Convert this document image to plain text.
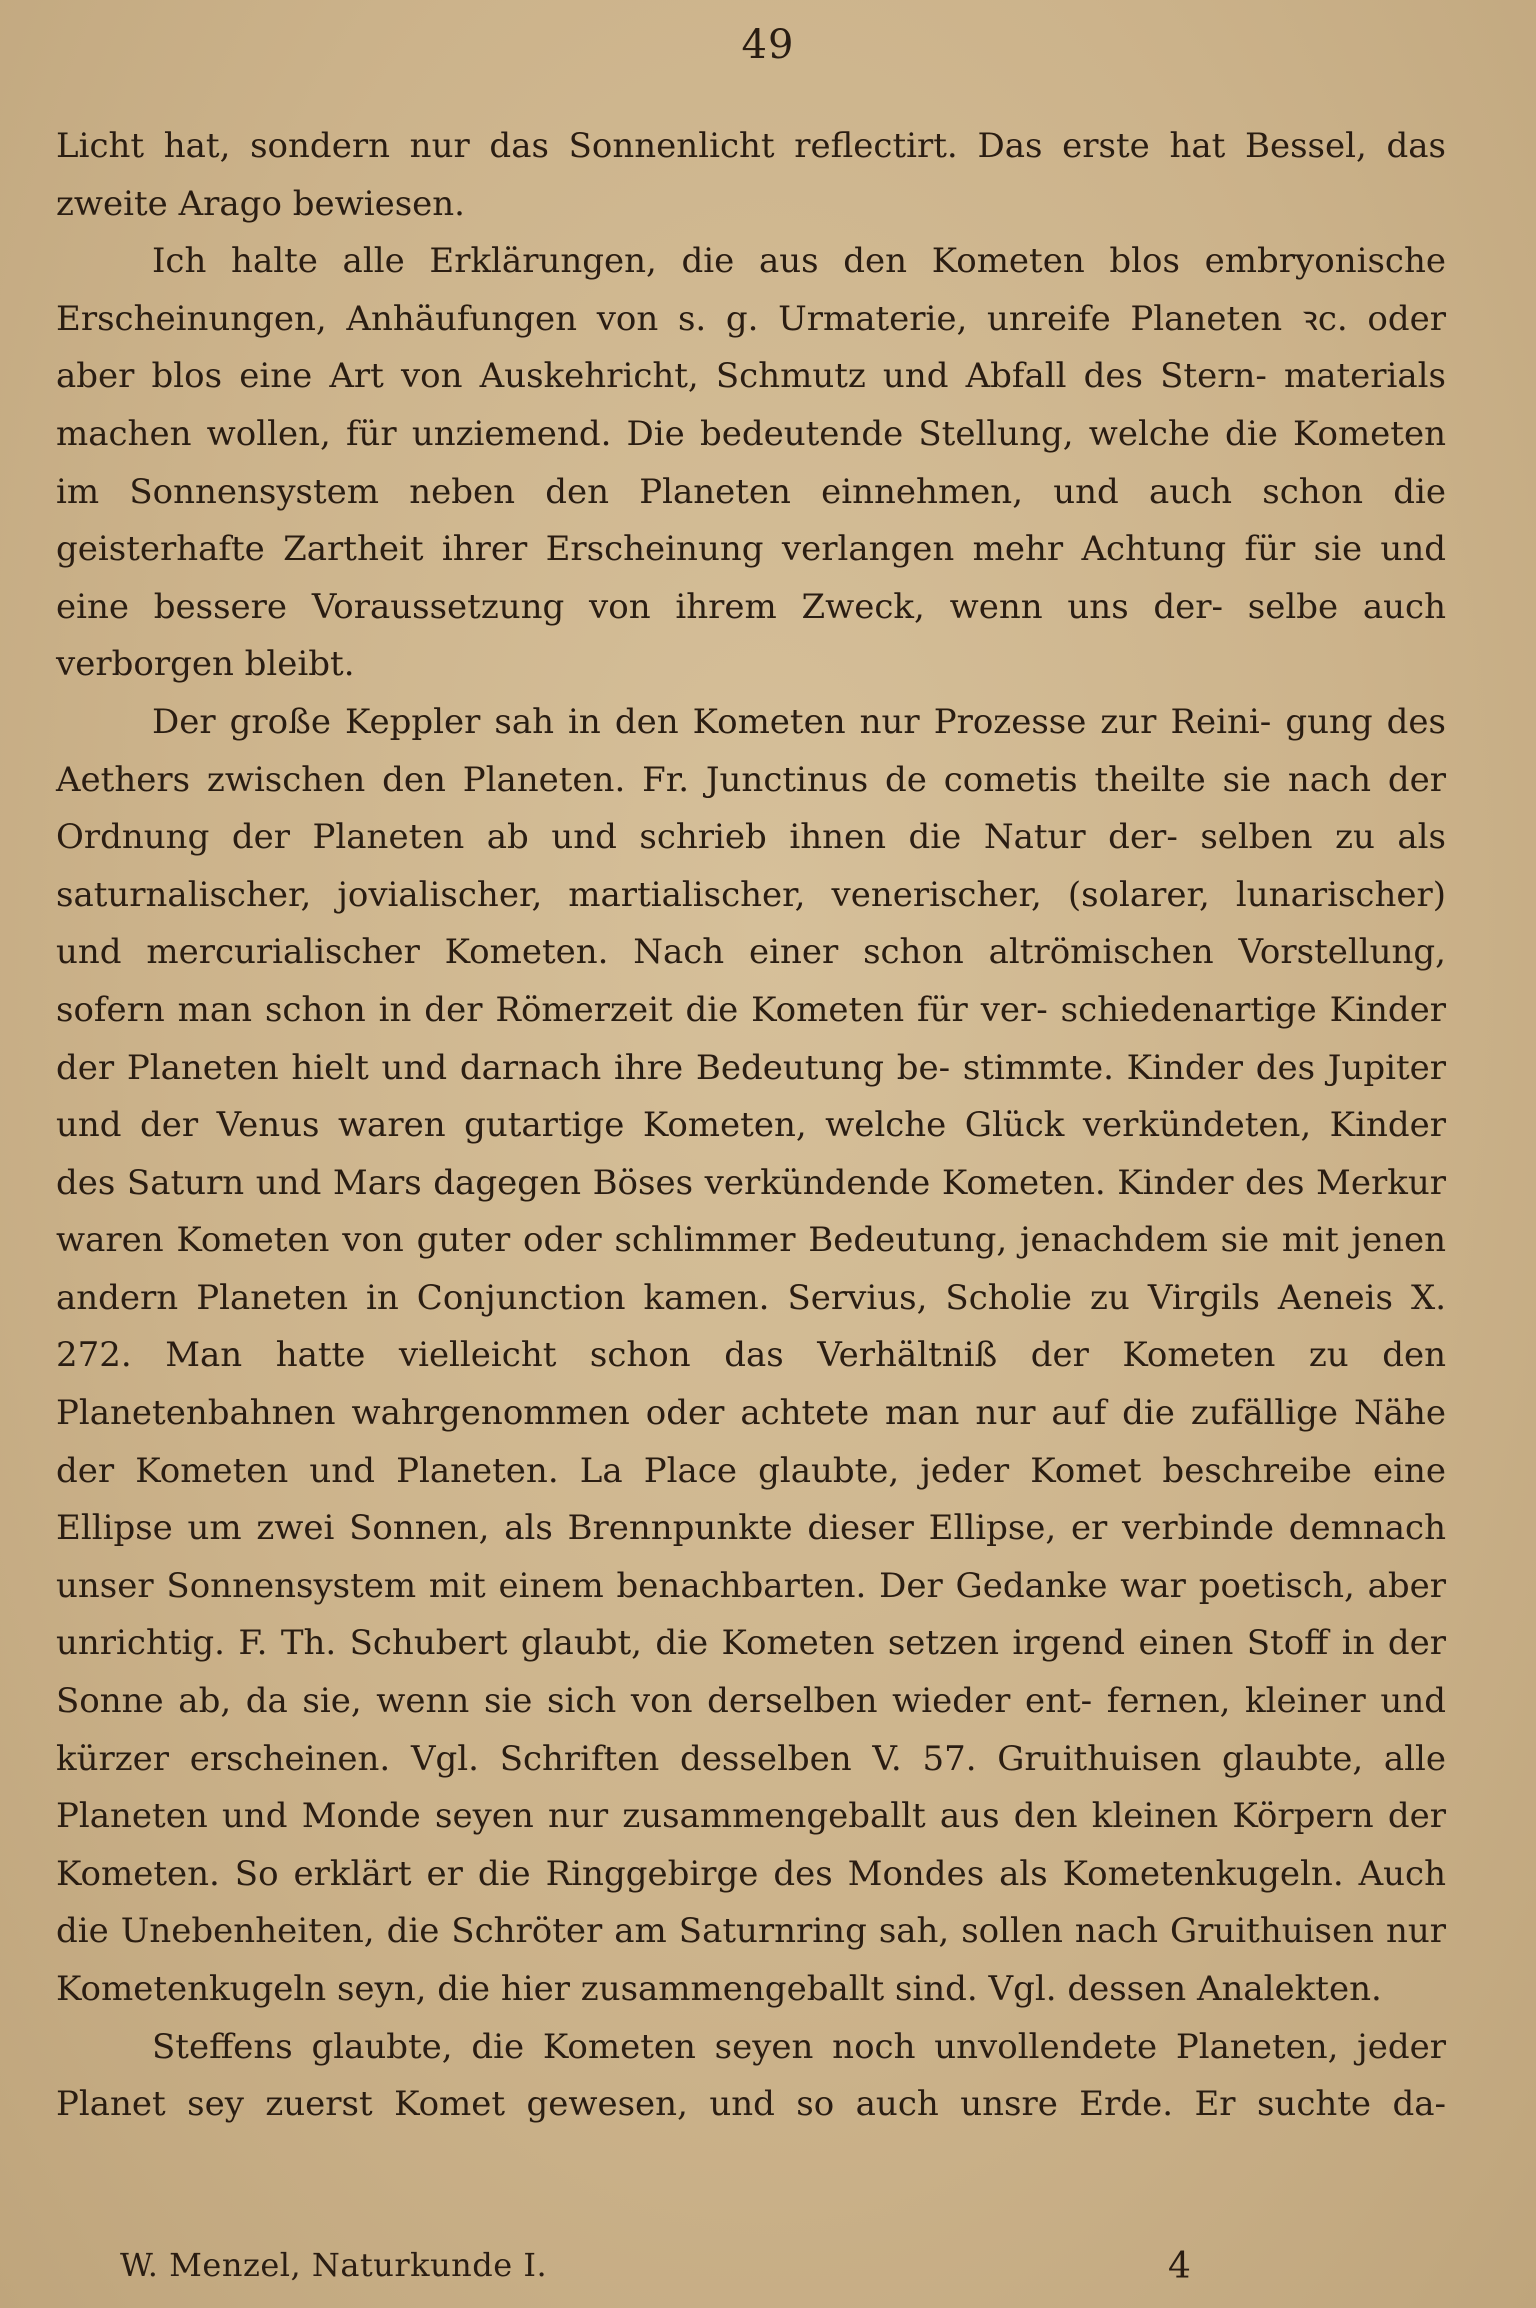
49

Licht hat, sondern nur das Sonnenlicht reflectirt. Das erste hat Bessel, das zweite Arago bewiesen.

Ich halte alle Erklärungen, die aus den Kometen blos embryonische Erscheinungen, Anhäufungen von s. g. Urmaterie, unreife Planeten ꝛc. oder aber blos eine Art von Auskehricht, Schmutz und Abfall des Stern- materials machen wollen, für unziemend. Die bedeutende Stellung, welche die Kometen im Sonnensystem neben den Planeten einnehmen, und auch schon die geisterhafte Zartheit ihrer Erscheinung verlangen mehr Achtung für sie und eine bessere Voraussetzung von ihrem Zweck, wenn uns der- selbe auch verborgen bleibt.

Der große Keppler sah in den Kometen nur Prozesse zur Reini- gung des Aethers zwischen den Planeten. Fr. Junctinus de cometis theilte sie nach der Ordnung der Planeten ab und schrieb ihnen die Natur der- selben zu als saturnalischer, jovialischer, martialischer, venerischer, (solarer, lunarischer) und mercurialischer Kometen. Nach einer schon altrömischen Vorstellung, sofern man schon in der Römerzeit die Kometen für ver- schiedenartige Kinder der Planeten hielt und darnach ihre Bedeutung be- stimmte. Kinder des Jupiter und der Venus waren gutartige Kometen, welche Glück verkündeten, Kinder des Saturn und Mars dagegen Böses verkündende Kometen. Kinder des Merkur waren Kometen von guter oder schlimmer Bedeutung, jenachdem sie mit jenen andern Planeten in Conjunction kamen. Servius, Scholie zu Virgils Aeneis X. 272. Man hatte vielleicht schon das Verhältniß der Kometen zu den Planetenbahnen wahrgenommen oder achtete man nur auf die zufällige Nähe der Kometen und Planeten. La Place glaubte, jeder Komet beschreibe eine Ellipse um zwei Sonnen, als Brennpunkte dieser Ellipse, er verbinde demnach unser Sonnensystem mit einem benachbarten. Der Gedanke war poetisch, aber unrichtig. F. Th. Schubert glaubt, die Kometen setzen irgend einen Stoff in der Sonne ab, da sie, wenn sie sich von derselben wieder ent- fernen, kleiner und kürzer erscheinen. Vgl. Schriften desselben V. 57. Gruithuisen glaubte, alle Planeten und Monde seyen nur zusammengeballt aus den kleinen Körpern der Kometen. So erklärt er die Ringgebirge des Mondes als Kometenkugeln. Auch die Unebenheiten, die Schröter am Saturnring sah, sollen nach Gruithuisen nur Kometenkugeln seyn, die hier zusammengeballt sind. Vgl. dessen Analekten.

Steffens glaubte, die Kometen seyen noch unvollendete Planeten, jeder Planet sey zuerst Komet gewesen, und so auch unsre Erde. Er suchte da-

W. Menzel, Naturkunde I.	4
